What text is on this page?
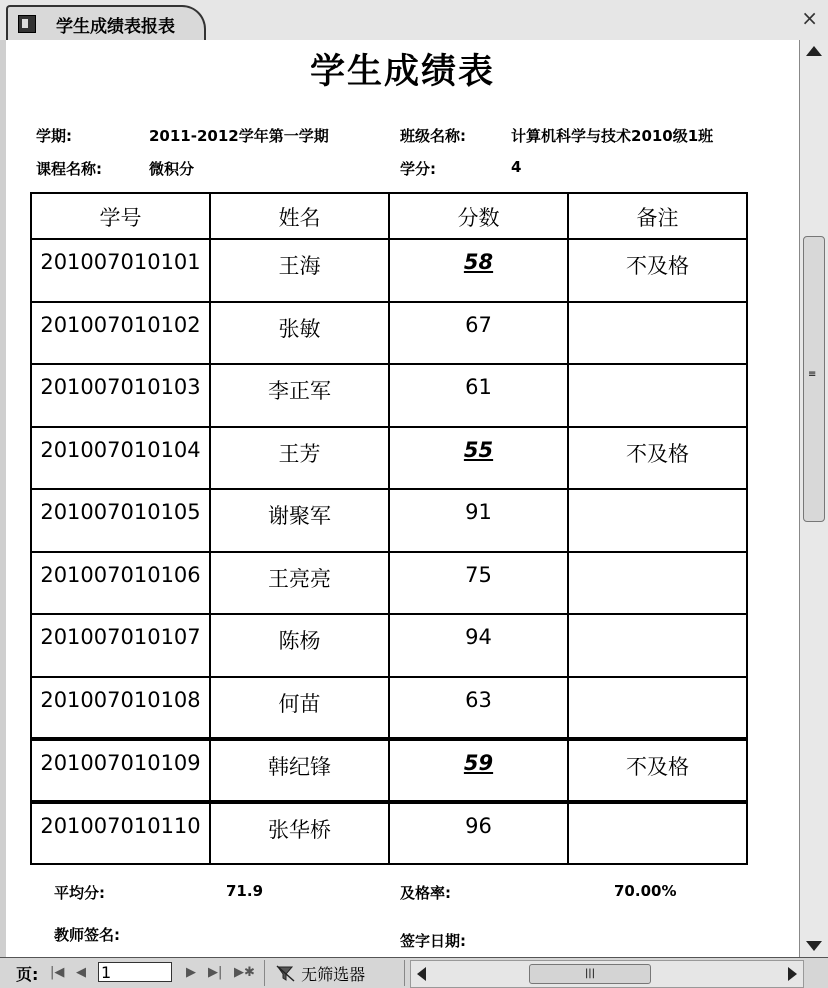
学生成绩表报表	×
学生成绩表
学期:	2011-2012学年第一学期	班级名称:	计算机科学与技术2010级1班
课程名称:	微积分	学分:	4
学号	姓名	分数	备注
201007010101	王海	58	不及格
201007010102	张敏	67	
201007010103	李正军	61	
201007010104	王芳	55	不及格
201007010105	谢聚军	91	
201007010106	王亮亮	75	
201007010107	陈杨	94	
201007010108	何苗	63	
201007010109	韩纪锋	59	不及格
201007010110	张华桥	96	
平均分:	71.9	及格率:	70.00%
教师签名:	签字日期:
≡
页: |◀ ◀
1	▶ ▶| ▶✱	无筛选器	|||
